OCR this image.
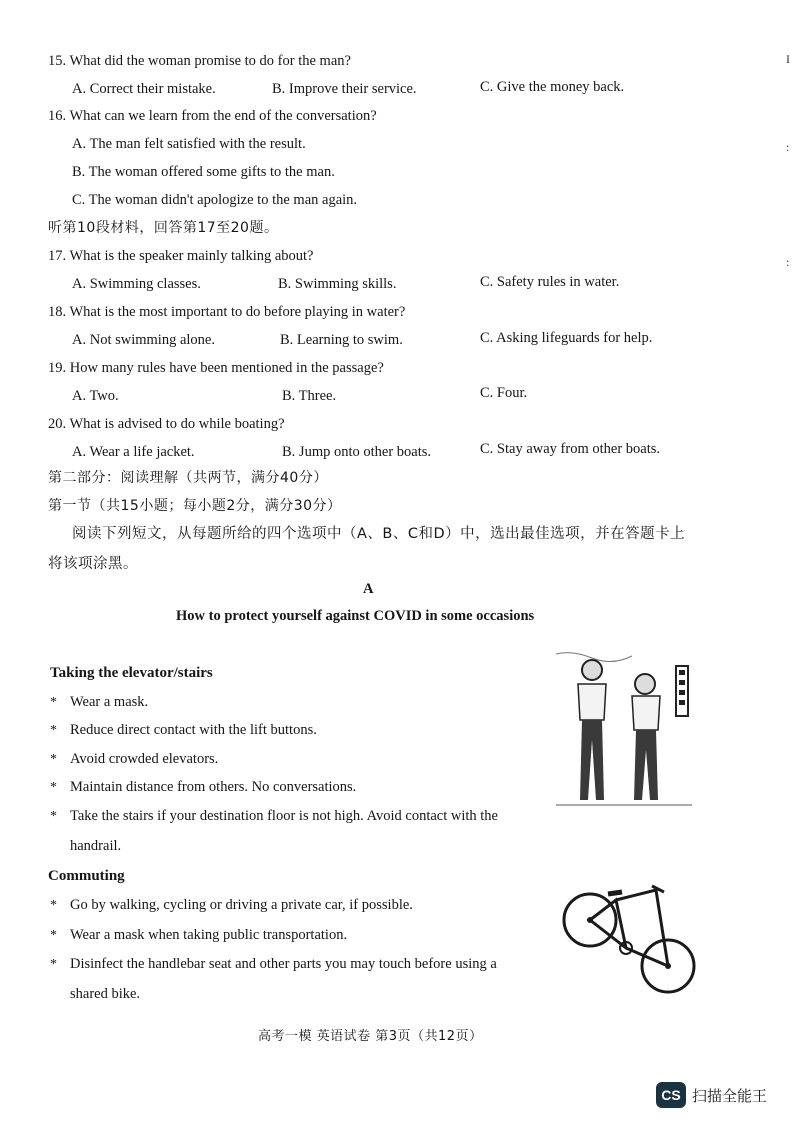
15. What did the woman promise to do for the man?
A. Correct their mistake.	B. Improve their service.	C. Give the money back.
16. What can we learn from the end of the conversation?
A. The man felt satisfied with the result.
B. The woman offered some gifts to the man.
C. The woman didn't apologize to the man again.
听第10段材料，回答第17至20题。
17. What is the speaker mainly talking about?
A. Swimming classes.	B. Swimming skills.	C. Safety rules in water.
18. What is the most important to do before playing in water?
A. Not swimming alone.	B. Learning to swim.	C. Asking lifeguards for help.
19. How many rules have been mentioned in the passage?
A. Two.	B. Three.	C. Four.
20. What is advised to do while boating?
A. Wear a life jacket.	B. Jump onto other boats.	C. Stay away from other boats.
第二部分：阅读理解（共两节，满分40分）
第一节（共15小题；每小题2分，满分30分）
阅读下列短文，从每题所给的四个选项中（A、B、C和D）中，选出最佳选项，并在答题卡上
将该项涂黑。
A
How to protect yourself against COVID in some occasions
Taking the elevator/stairs
* Wear a mask.
* Reduce direct contact with the lift buttons.
* Avoid crowded elevators.
* Maintain distance from others. No conversations.
* Take the stairs if your destination floor is not high. Avoid contact with the
handrail.
Commuting
* Go by walking, cycling or driving a private car, if possible.
* Wear a mask when taking public transportation.
* Disinfect the handlebar seat and other parts you may touch before using a
shared bike.
I
:
:
高考一模 英语试卷 第3页（共12页）
CS 扫描全能王
